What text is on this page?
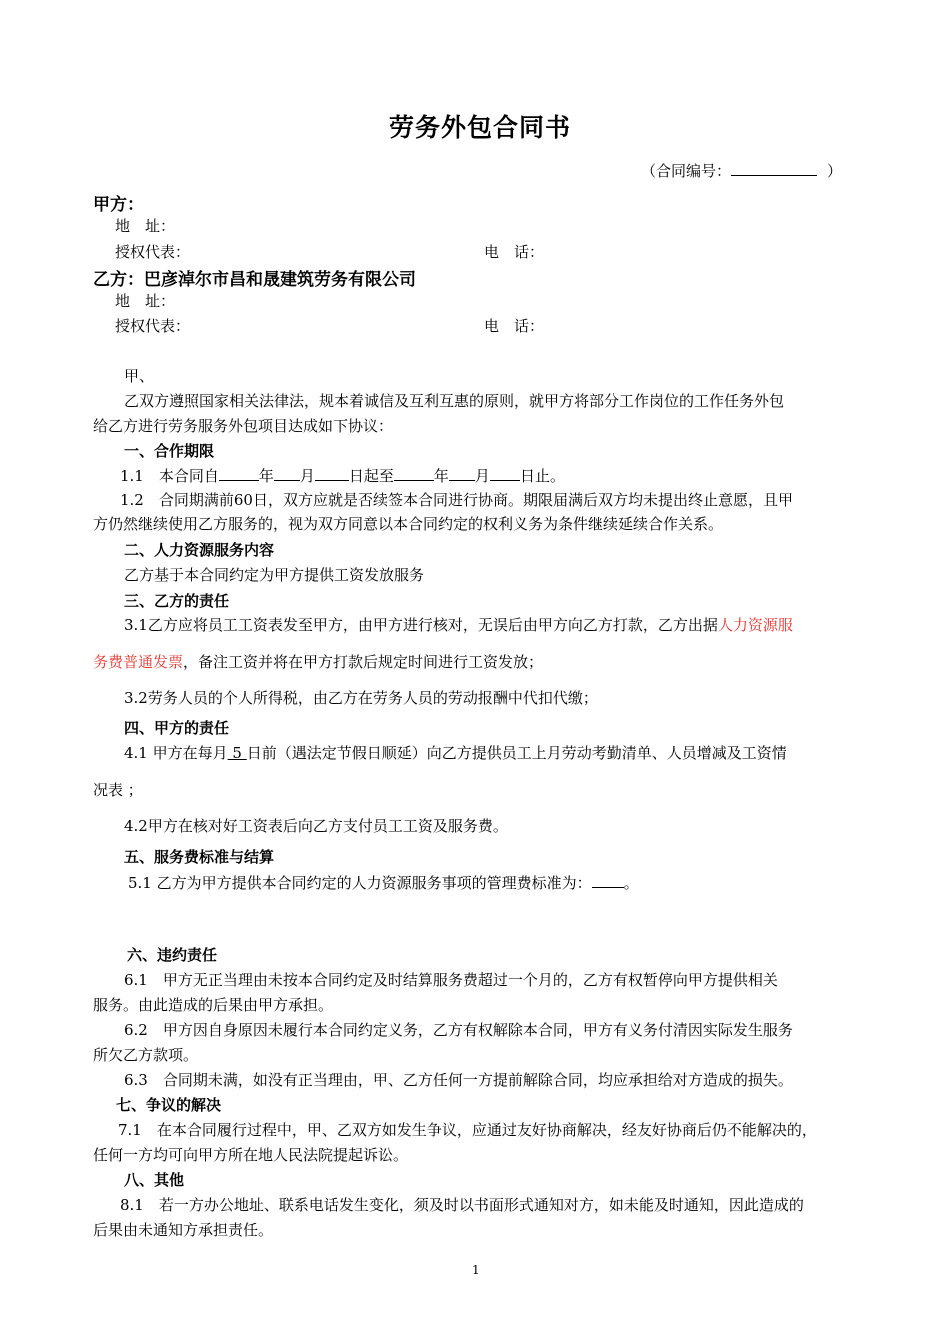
劳务外包合同书
（合同编号：	）
甲方：
地　址：
授权代表：	电　话：
乙方：巴彦淖尔市昌和晟建筑劳务有限公司
地　址：
授权代表：	电　话：
甲、
乙双方遵照国家相关法律法，规本着诚信及互利互惠的原则，就甲方将部分工作岗位的工作任务外包
给乙方进行劳务服务外包项目达成如下协议：
一、合作期限
1.1　本合同自	年 月 日起至	年 月 日止。
1.2　合同期满前60日，双方应就是否续签本合同进行协商。期限届满后双方均未提出终止意愿，且甲
方仍然继续使用乙方服务的，视为双方同意以本合同约定的权利义务为条件继续延续合作关系。
二、人力资源服务内容
乙方基于本合同约定为甲方提供工资发放服务
三、乙方的责任
3.1乙方应将员工工资表发至甲方，由甲方进行核对，无误后由甲方向乙方打款，乙方出据人力资源服
务费普通发票，备注工资并将在甲方打款后规定时间进行工资发放；
3.2劳务人员的个人所得税，由乙方在劳务人员的劳动报酬中代扣代缴；
四、甲方的责任
4.1 甲方在每月 5 日前（遇法定节假日顺延）向乙方提供员工上月劳动考勤清单、人员增减及工资情
况表 ；
4.2甲方在核对好工资表后向乙方支付员工工资及服务费。
五、服务费标准与结算
5.1 乙方为甲方提供本合同约定的人力资源服务事项的管理费标准为： 。
六、违约责任
6.1　甲方无正当理由未按本合同约定及时结算服务费超过一个月的，乙方有权暂停向甲方提供相关
服务。由此造成的后果由甲方承担。
6.2　甲方因自身原因未履行本合同约定义务，乙方有权解除本合同，甲方有义务付清因实际发生服务
所欠乙方款项。
6.3　合同期未满，如没有正当理由，甲、乙方任何一方提前解除合同，均应承担给对方造成的损失。
七、争议的解决
7.1　在本合同履行过程中，甲、乙双方如发生争议，应通过友好协商解决，经友好协商后仍不能解决的，
任何一方均可向甲方所在地人民法院提起诉讼。
八、其他
8.1　若一方办公地址、联系电话发生变化，须及时以书面形式通知对方，如未能及时通知，因此造成的
后果由未通知方承担责任。
1
